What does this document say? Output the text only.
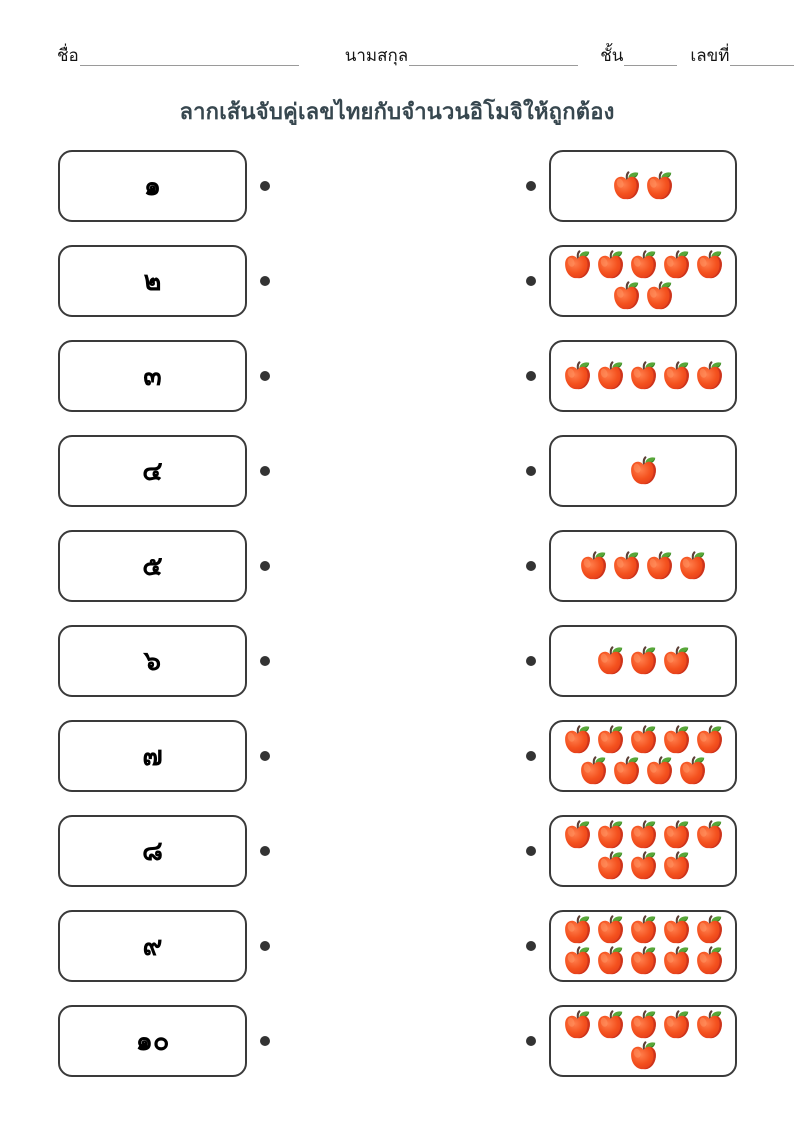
ชื่อ	นามสกุล	ชั้น	เลขที่
ลากเส้นจับคู่เลขไทยกับจำนวนอิโมจิให้ถูกต้อง
๑
๒
๓
๔
๕
๖
๗
๘
๙
๑๐
